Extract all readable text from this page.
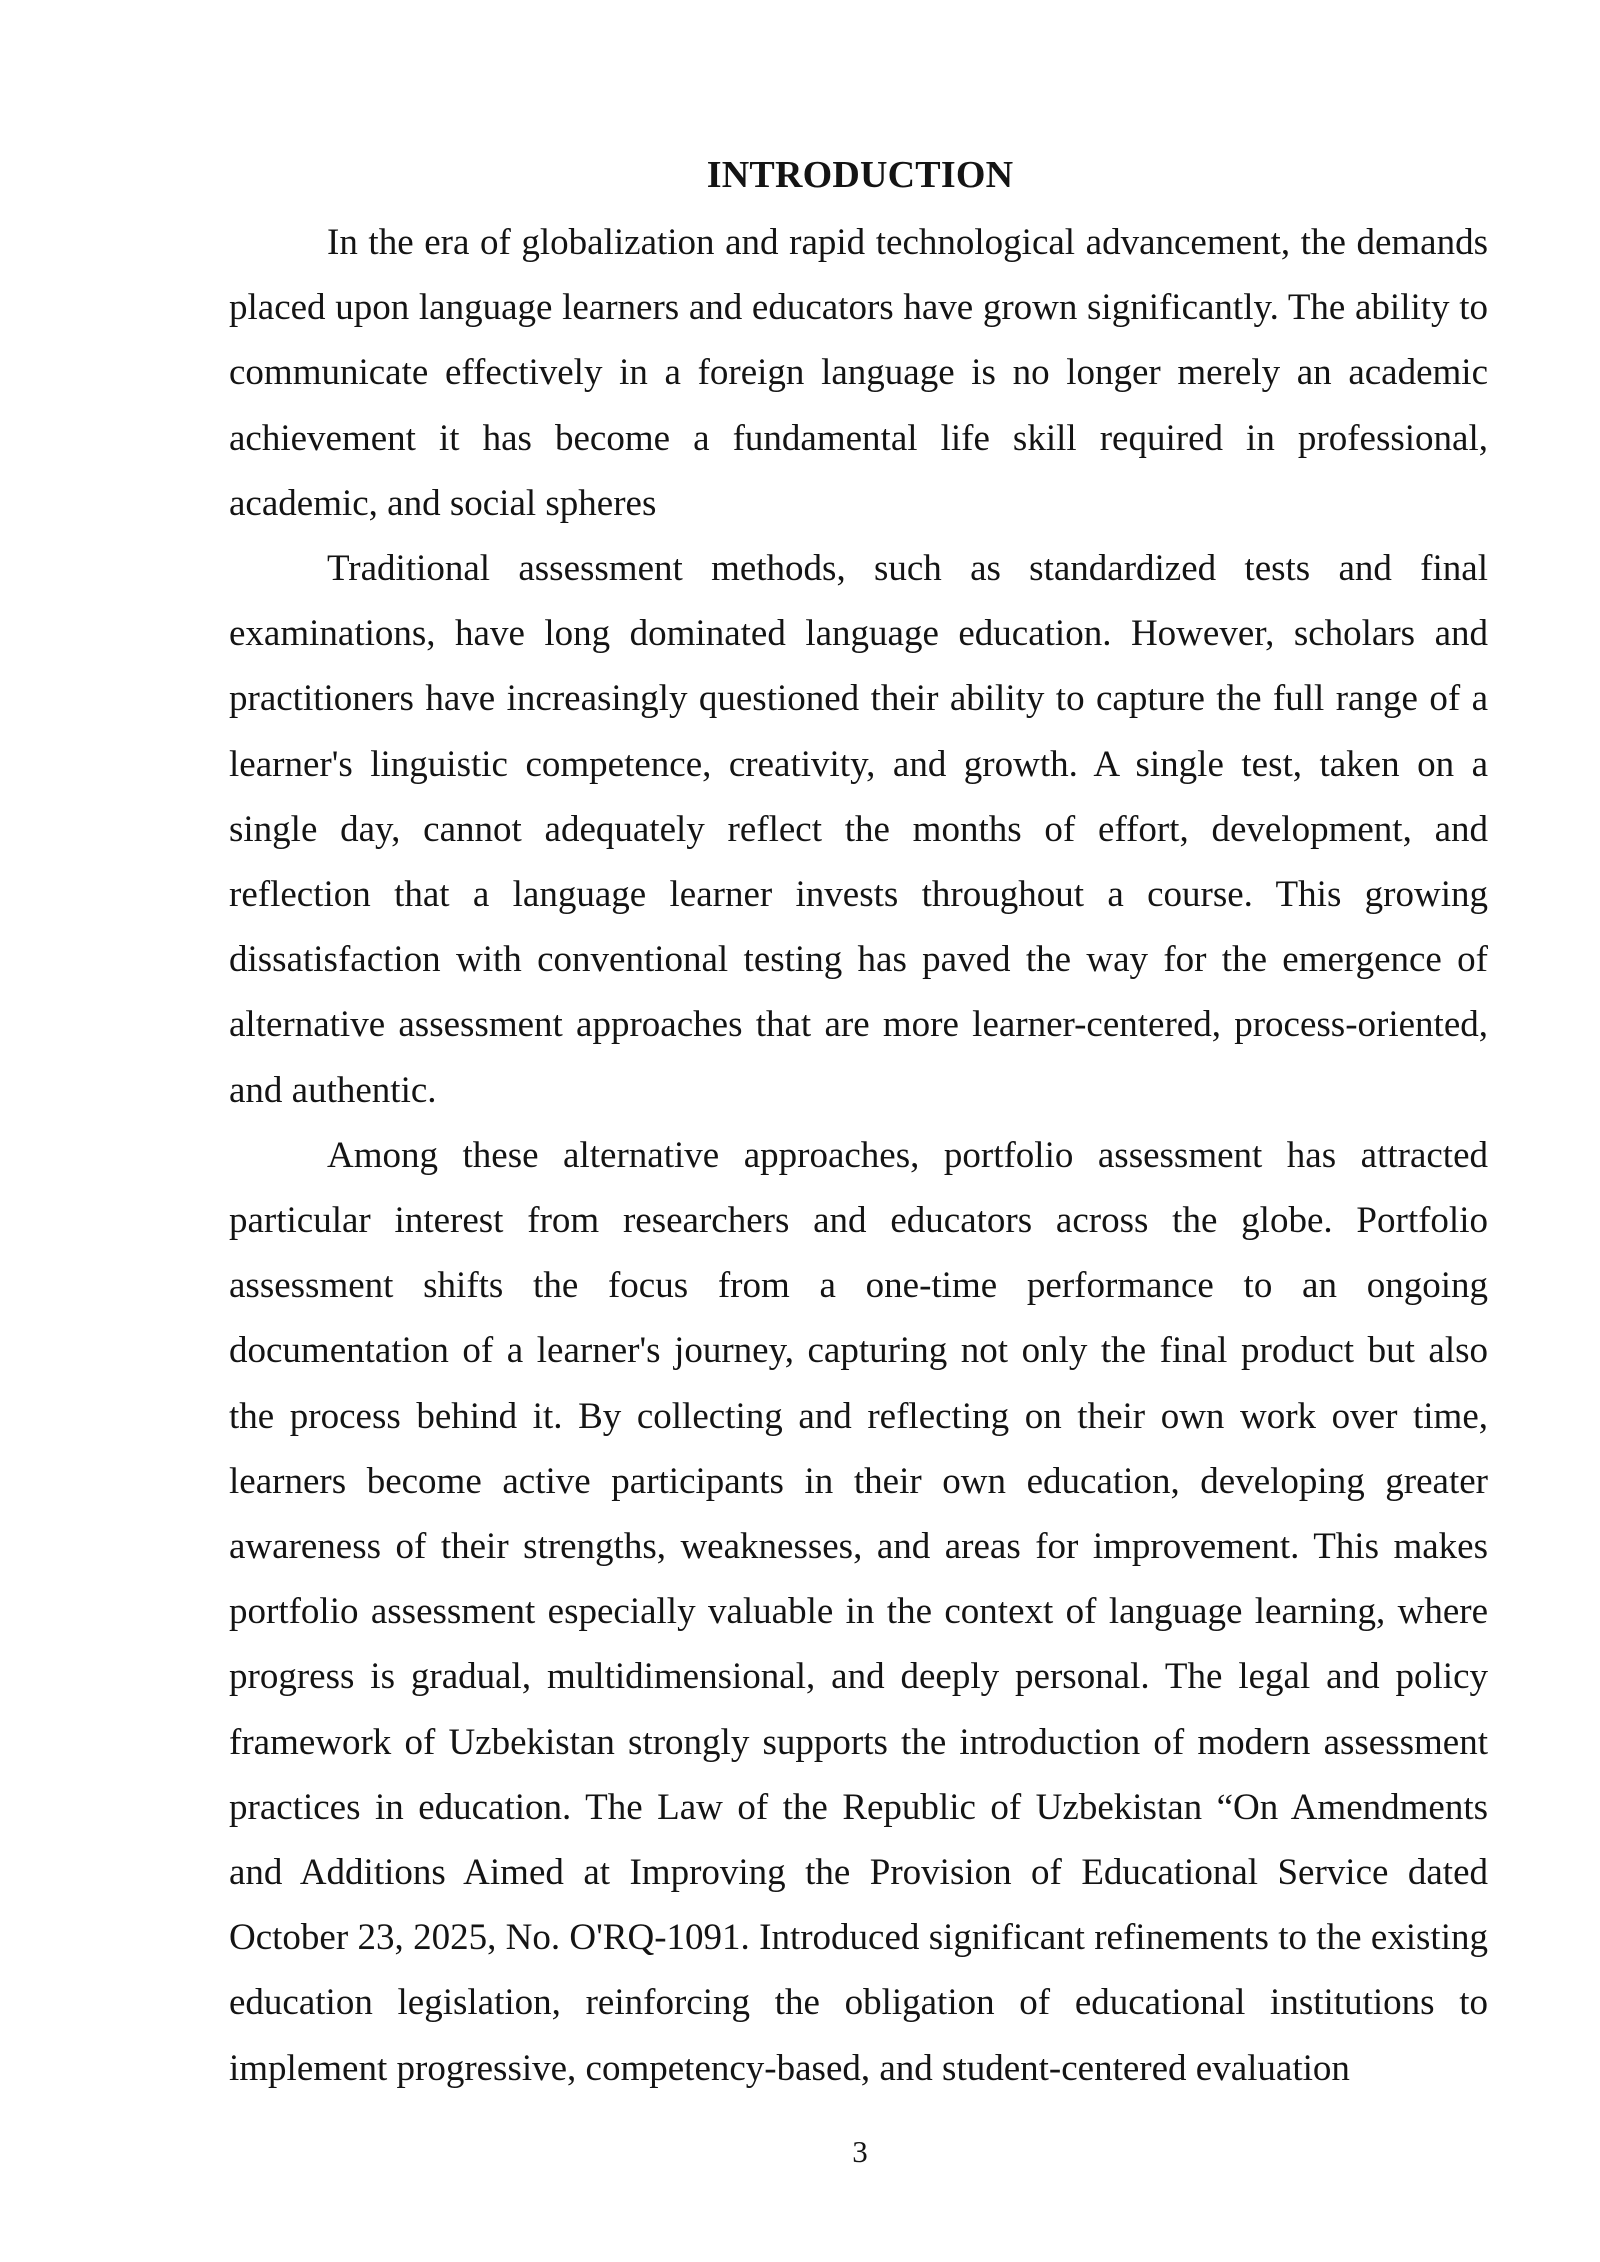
INTRODUCTION

In the era of globalization and rapid technological advancement, the demands placed upon language learners and educators have grown significantly. The ability to communicate effectively in a foreign language is no longer merely an academic achievement it has become a fundamental life skill required in professional, academic, and social spheres

Traditional assessment methods, such as standardized tests and final examinations, have long dominated language education. However, scholars and practitioners have increasingly questioned their ability to capture the full range of a learner's linguistic competence, creativity, and growth. A single test, taken on a single day, cannot adequately reflect the months of effort, development, and reflection that a language learner invests throughout a course. This growing dissatisfaction with conventional testing has paved the way for the emergence of alternative assessment approaches that are more learner-centered, process-oriented, and authentic.

Among these alternative approaches, portfolio assessment has attracted particular interest from researchers and educators across the globe. Portfolio assessment shifts the focus from a one-time performance to an ongoing documentation of a learner's journey, capturing not only the final product but also the process behind it. By collecting and reflecting on their own work over time, learners become active participants in their own education, developing greater awareness of their strengths, weaknesses, and areas for improvement. This makes portfolio assessment especially valuable in the context of language learning, where progress is gradual, multidimensional, and deeply personal. The legal and policy framework of Uzbekistan strongly supports the introduction of modern assessment practices in education. The Law of the Republic of Uzbekistan “On Amendments and Additions Aimed at Improving the Provision of Educational Service dated October 23, 2025, No. O'RQ-1091. Introduced significant refinements to the existing education legislation, reinforcing the obligation of educational institutions to implement progressive, competency-based, and student-centered evaluation

3
